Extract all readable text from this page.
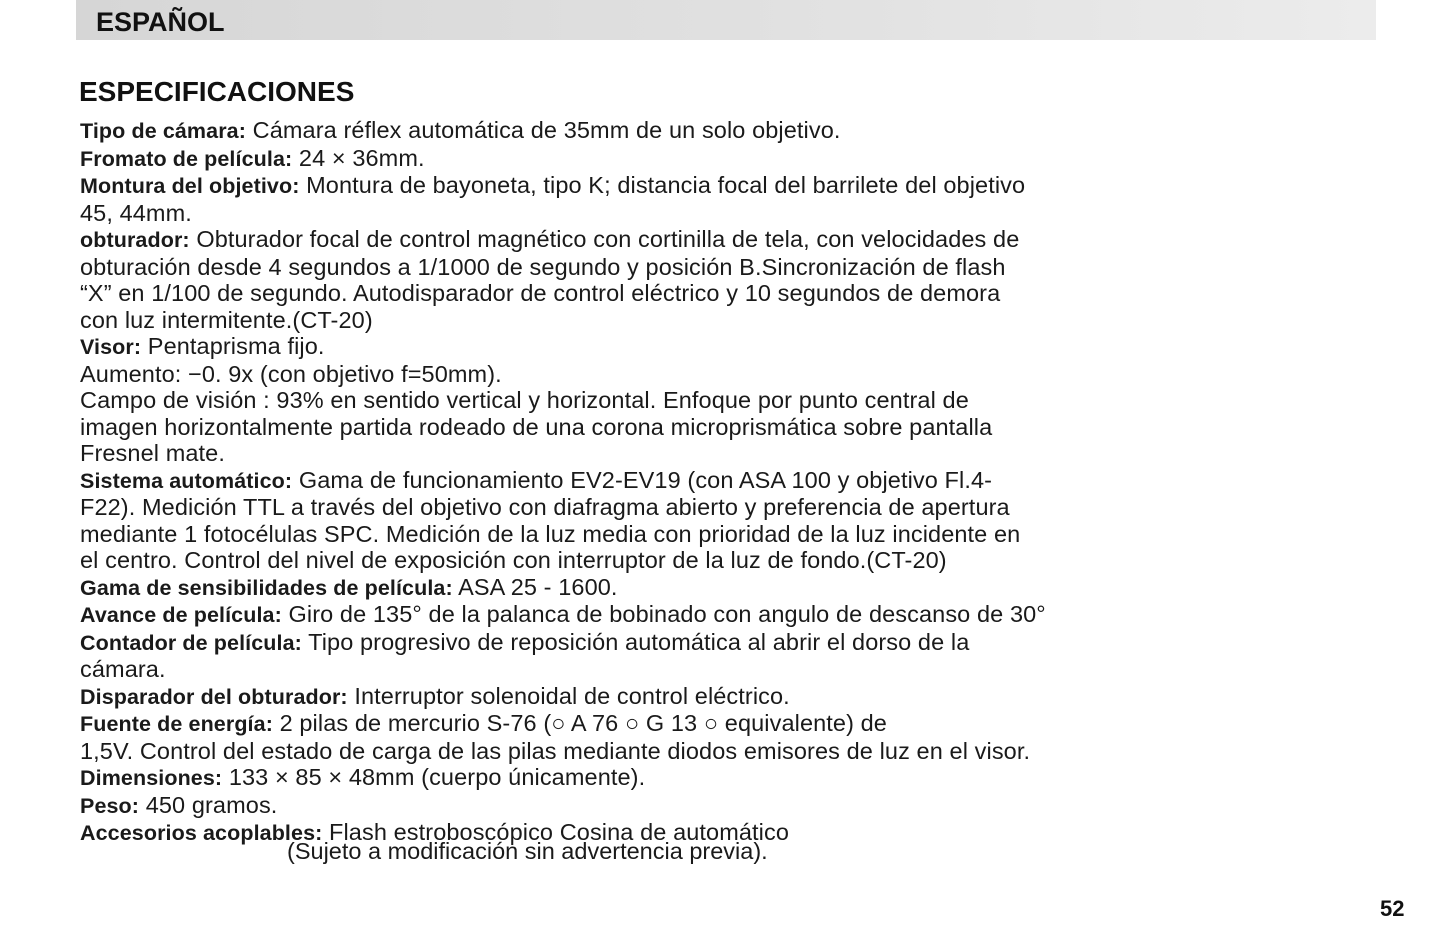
ESPAÑOL
ESPECIFICACIONES
Tipo de cámara: Cámara réflex automática de 35mm de un solo objetivo.
Fromato de película: 24 × 36mm.
Montura del objetivo: Montura de bayoneta, tipo K; distancia focal del barrilete del objetivo
45, 44mm.
obturador: Obturador focal de control magnético con cortinilla de tela, con velocidades de
obturación desde 4 segundos a 1/1000 de segundo y posición B.Sincronización de flash
“X” en 1/100 de segundo. Autodisparador de control eléctrico y 10 segundos de demora
con luz intermitente.(CT-20)
Visor: Pentaprisma fijo.
Aumento: −0. 9x (con objetivo f=50mm).
Campo de visión : 93% en sentido vertical y horizontal. Enfoque por punto central de
imagen horizontalmente partida rodeado de una corona microprismática sobre pantalla
Fresnel mate.
Sistema automático: Gama de funcionamiento EV2-EV19 (con ASA 100 y objetivo Fl.4-
F22). Medición TTL a través del objetivo con diafragma abierto y preferencia de apertura
mediante 1 fotocélulas SPC. Medición de la luz media con prioridad de la luz incidente en
el centro. Control del nivel de exposición con interruptor de la luz de fondo.(CT-20)
Gama de sensibilidades de película: ASA 25 - 1600.
Avance de película: Giro de 135° de la palanca de bobinado con angulo de descanso de 30°
Contador de película: Tipo progresivo de reposición automática al abrir el dorso de la
cámara.
Disparador del obturador: Interruptor solenoidal de control eléctrico.
Fuente de energía: 2 pilas de mercurio S-76 (○ A 76 ○ G 13 ○ equivalente) de
1,5V. Control del estado de carga de las pilas mediante diodos emisores de luz en el visor.
Dimensiones: 133 × 85 × 48mm (cuerpo únicamente).
Peso: 450 gramos.
Accesorios acoplables: Flash estroboscópico Cosina de automático
(Sujeto a modificación sin advertencia previa).
52
